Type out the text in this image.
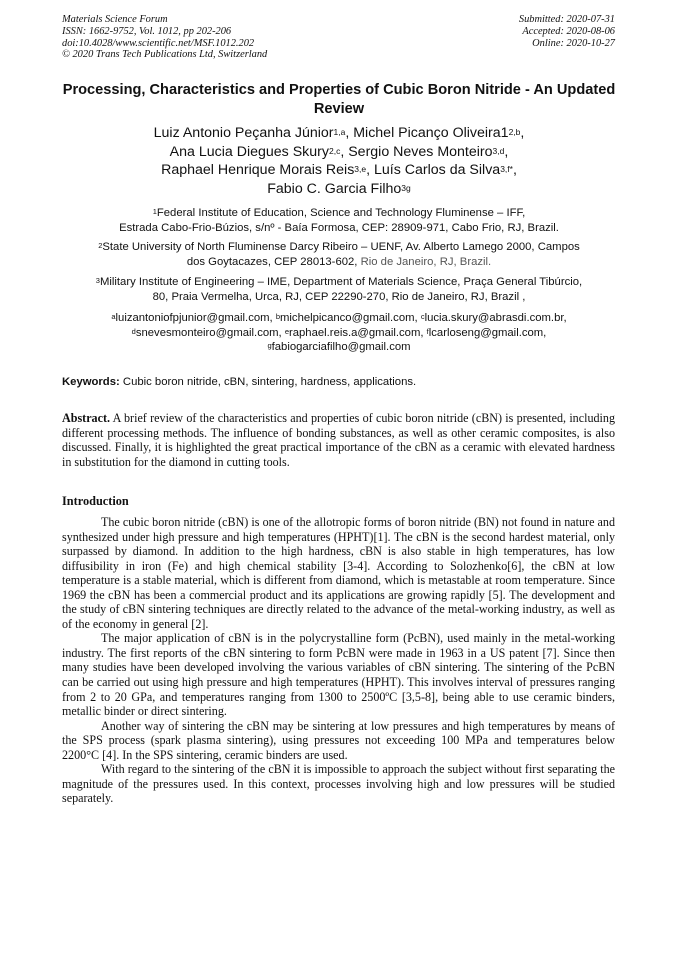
Materials Science Forum
ISSN: 1662-9752, Vol. 1012, pp 202-206
doi:10.4028/www.scientific.net/MSF.1012.202
© 2020 Trans Tech Publications Ltd, Switzerland
Submitted: 2020-07-31
Accepted: 2020-08-06
Online: 2020-10-27
Processing, Characteristics and Properties of Cubic Boron Nitride - An Updated Review
Luiz Antonio Peçanha Júnior$^{1,a}$, Michel Picanço Oliveira1$^{2,b}$,
Ana Lucia Diegues Skury$^{2,c}$, Sergio Neves Monteiro$^{3,d}$,
Raphael Henrique Morais Reis$^{3,e}$, Luís Carlos da Silva$^{3,f*}$,
Fabio C. Garcia Filho$^{3g}$
$^1$Federal Institute of Education, Science and Technology Fluminense – IFF,
Estrada Cabo-Frio-Búzios, s/nº - Baía Formosa, CEP: 28909-971, Cabo Frio, RJ, Brazil.
$^2$State University of North Fluminense Darcy Ribeiro – UENF, Av. Alberto Lamego 2000, Campos
dos Goytacazes, CEP 28013-602, Rio de Janeiro, RJ, Brazil.
$^3$Military Institute of Engineering – IME, Department of Materials Science, Praça General Tibúrcio,
80, Praia Vermelha, Urca, RJ, CEP 22290-270, Rio de Janeiro, RJ, Brazil ,
$^a$luizantoniofpjunior@gmail.com, $^b$michelpicanco@gmail.com, $^c$lucia.skury@abrasdi.com.br,
$^d$snevesmonteiro@gmail.com, $^e$raphael.reis.a@gmail.com, $^f$lcarloseng@gmail.com,
$^g$fabiogarciafilho@gmail.com
Keywords: Cubic boron nitride, cBN, sintering, hardness, applications.
Abstract. A brief review of the characteristics and properties of cubic boron nitride (cBN) is presented, including different processing methods. The influence of bonding substances, as well as other ceramic composites, is also discussed. Finally, it is highlighted the great practical importance of the cBN as a ceramic with elevated hardness in substitution for the diamond in cutting tools.
Introduction

The cubic boron nitride (cBN) is one of the allotropic forms of boron nitride (BN) not found in nature and synthesized under high pressure and high temperatures (HPHT)[1]. The cBN is the second hardest material, only surpassed by diamond. In addition to the high hardness, cBN is also stable in high temperatures, has low diffusibility in iron (Fe) and high chemical stability [3-4]. According to Solozhenko[6], the cBN at low temperature is a stable material, which is different from diamond, which is metastable at room temperature. Since 1969 the cBN has been a commercial product and its applications are growing rapidly [5]. The development and the study of cBN sintering techniques are directly related to the advance of the metal-working industry, as well as of the economy in general [2].

The major application of cBN is in the polycrystalline form (PcBN), used mainly in the metal-working industry. The first reports of the cBN sintering to form PcBN were made in 1963 in a US patent [7]. Since then many studies have been developed involving the various variables of cBN sintering. The sintering of the PcBN can be carried out using high pressure and high temperatures (HPHT). This involves interval of pressures ranging from 2 to 20 GPa, and temperatures ranging from 1300 to 2500ºC [3,5-8], being able to use ceramic binders, metallic binder or direct sintering.

Another way of sintering the cBN may be sintering at low pressures and high temperatures by means of the SPS process (spark plasma sintering), using pressures not exceeding 100 MPa and temperatures below 2200°C [4]. In the SPS sintering, ceramic binders are used.

With regard to the sintering of the cBN it is impossible to approach the subject without first separating the magnitude of the pressures used. In this context, processes involving high and low pressures will be studied separately.
